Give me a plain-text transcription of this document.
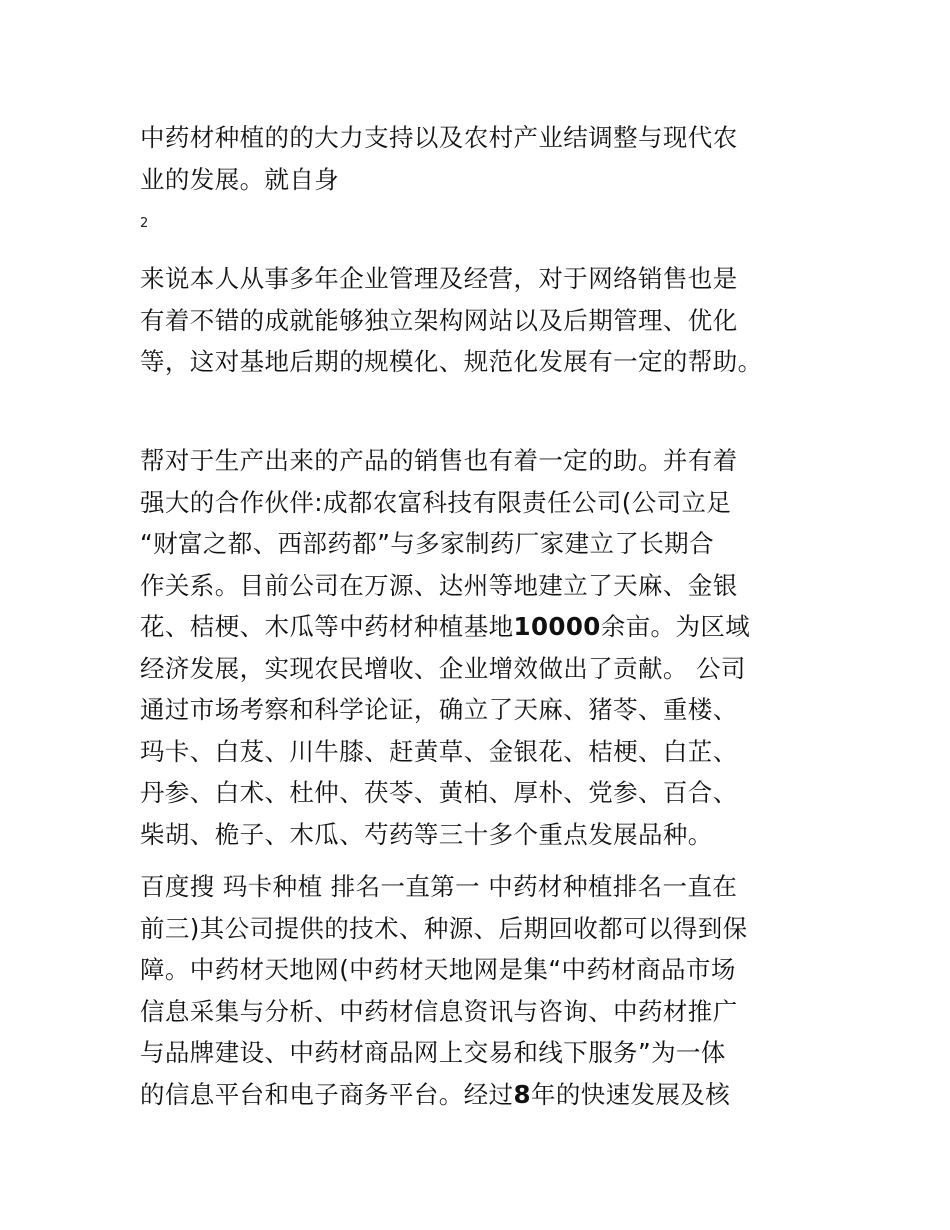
中药材种植的的大力支持以及农村产业结调整与现代农
业的发展。就自身

2

来说本人从事多年企业管理及经营，对于网络销售也是
有着不错的成就能够独立架构网站以及后期管理、优化
等，这对基地后期的规模化、规范化发展有一定的帮助。

帮对于生产出来的产品的销售也有着一定的助。并有着
强大的合作伙伴:成都农富科技有限责任公司(公司立足
“财富之都、西部药都”与多家制药厂家建立了长期合
作关系。目前公司在万源、达州等地建立了天麻、金银
花、桔梗、木瓜等中药材种植基地10000余亩。为区域
经济发展，实现农民增收、企业增效做出了贡献。 公司
通过市场考察和科学论证，确立了天麻、猪苓、重楼、
玛卡、白芨、川牛膝、赶黄草、金银花、桔梗、白芷、
丹参、白术、杜仲、茯苓、黄柏、厚朴、党参、百合、
柴胡、桅子、木瓜、芍药等三十多个重点发展品种。

百度搜 玛卡种植 排名一直第一 中药材种植排名一直在
前三)其公司提供的技术、种源、后期回收都可以得到保
障。中药材天地网(中药材天地网是集“中药材商品市场
信息采集与分析、中药材信息资讯与咨询、中药材推广
与品牌建设、中药材商品网上交易和线下服务”为一体
的信息平台和电子商务平台。经过8年的快速发展及核
